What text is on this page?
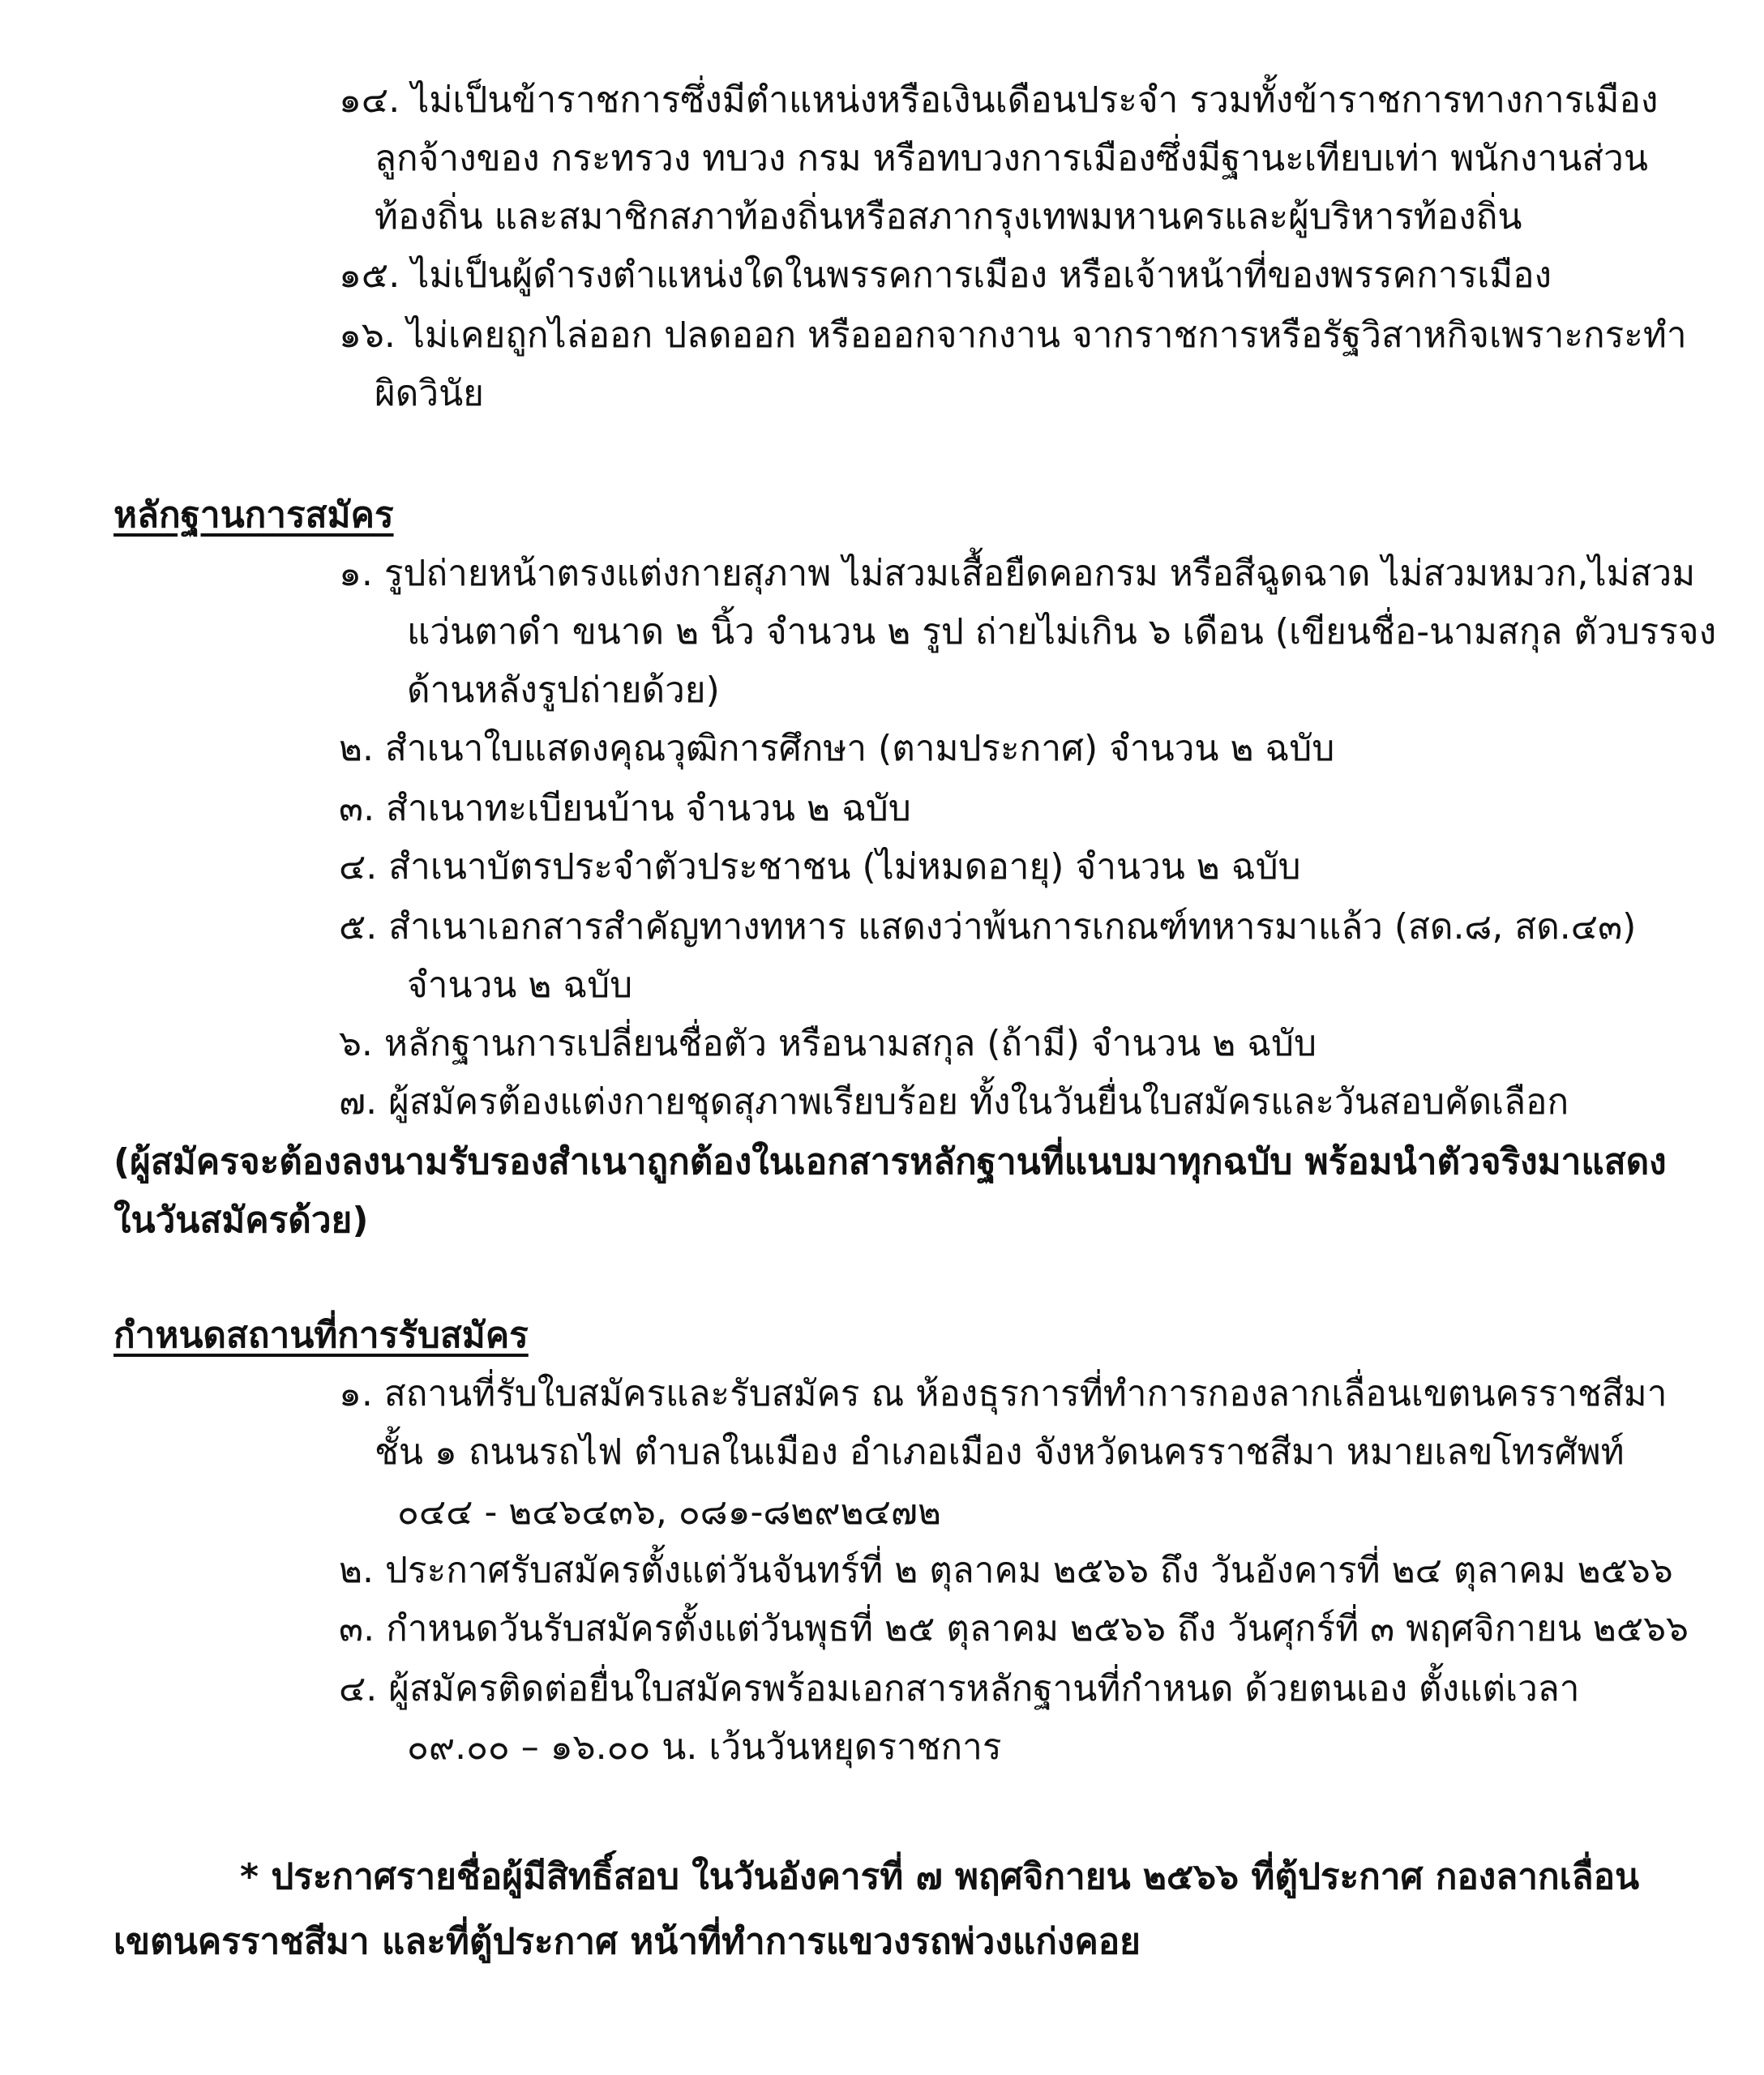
๑๔. ไม่เป็นข้าราชการซึ่งมีตำแหน่งหรือเงินเดือนประจำ รวมทั้งข้าราชการทางการเมือง
ลูกจ้างของ กระทรวง ทบวง กรม หรือทบวงการเมืองซึ่งมีฐานะเทียบเท่า พนักงานส่วน
ท้องถิ่น และสมาชิกสภาท้องถิ่นหรือสภากรุงเทพมหานครและผู้บริหารท้องถิ่น
๑๕. ไม่เป็นผู้ดำรงตำแหน่งใดในพรรคการเมือง หรือเจ้าหน้าที่ของพรรคการเมือง
๑๖. ไม่เคยถูกไล่ออก ปลดออก หรือออกจากงาน จากราชการหรือรัฐวิสาหกิจเพราะกระทำ
ผิดวินัย
หลักฐานการสมัคร
๑. รูปถ่ายหน้าตรงแต่งกายสุภาพ ไม่สวมเสื้อยืดคอกรม หรือสีฉูดฉาด ไม่สวมหมวก,ไม่สวม
แว่นตาดำ ขนาด ๒ นิ้ว จำนวน ๒ รูป ถ่ายไม่เกิน ๖ เดือน (เขียนชื่อ-นามสกุล ตัวบรรจง
ด้านหลังรูปถ่ายด้วย)
๒. สำเนาใบแสดงคุณวุฒิการศึกษา (ตามประกาศ) จำนวน ๒ ฉบับ
๓. สำเนาทะเบียนบ้าน จำนวน ๒ ฉบับ
๔. สำเนาบัตรประจำตัวประชาชน (ไม่หมดอายุ) จำนวน ๒ ฉบับ
๕. สำเนาเอกสารสำคัญทางทหาร แสดงว่าพ้นการเกณฑ์ทหารมาแล้ว (สด.๘, สด.๔๓)
จำนวน ๒ ฉบับ
๖. หลักฐานการเปลี่ยนชื่อตัว หรือนามสกุล (ถ้ามี) จำนวน ๒ ฉบับ
๗. ผู้สมัครต้องแต่งกายชุดสุภาพเรียบร้อย ทั้งในวันยื่นใบสมัครและวันสอบคัดเลือก
(ผู้สมัครจะต้องลงนามรับรองสำเนาถูกต้องในเอกสารหลักฐานที่แนบมาทุกฉบับ พร้อมนำตัวจริงมาแสดง
ในวันสมัครด้วย)
กำหนดสถานที่การรับสมัคร
๑. สถานที่รับใบสมัครและรับสมัคร ณ ห้องธุรการที่ทำการกองลากเลื่อนเขตนครราชสีมา
ชั้น ๑ ถนนรถไฟ ตำบลในเมือง อำเภอเมือง จังหวัดนครราชสีมา หมายเลขโทรศัพท์
๐๔๔ - ๒๔๖๔๓๖, ๐๘๑-๘๒๙๒๔๗๒
๒. ประกาศรับสมัครตั้งแต่วันจันทร์ที่ ๒ ตุลาคม ๒๕๖๖ ถึง วันอังคารที่ ๒๔ ตุลาคม ๒๕๖๖
๓. กำหนดวันรับสมัครตั้งแต่วันพุธที่ ๒๕ ตุลาคม ๒๕๖๖ ถึง วันศุกร์ที่ ๓ พฤศจิกายน ๒๕๖๖
๔. ผู้สมัครติดต่อยื่นใบสมัครพร้อมเอกสารหลักฐานที่กำหนด ด้วยตนเอง ตั้งแต่เวลา
๐๙.๐๐ – ๑๖.๐๐ น. เว้นวันหยุดราชการ
* ประกาศรายชื่อผู้มีสิทธิ์สอบ ในวันอังคารที่ ๗ พฤศจิกายน ๒๕๖๖ ที่ตู้ประกาศ กองลากเลื่อน
เขตนครราชสีมา และที่ตู้ประกาศ หน้าที่ทำการแขวงรถพ่วงแก่งคอย
